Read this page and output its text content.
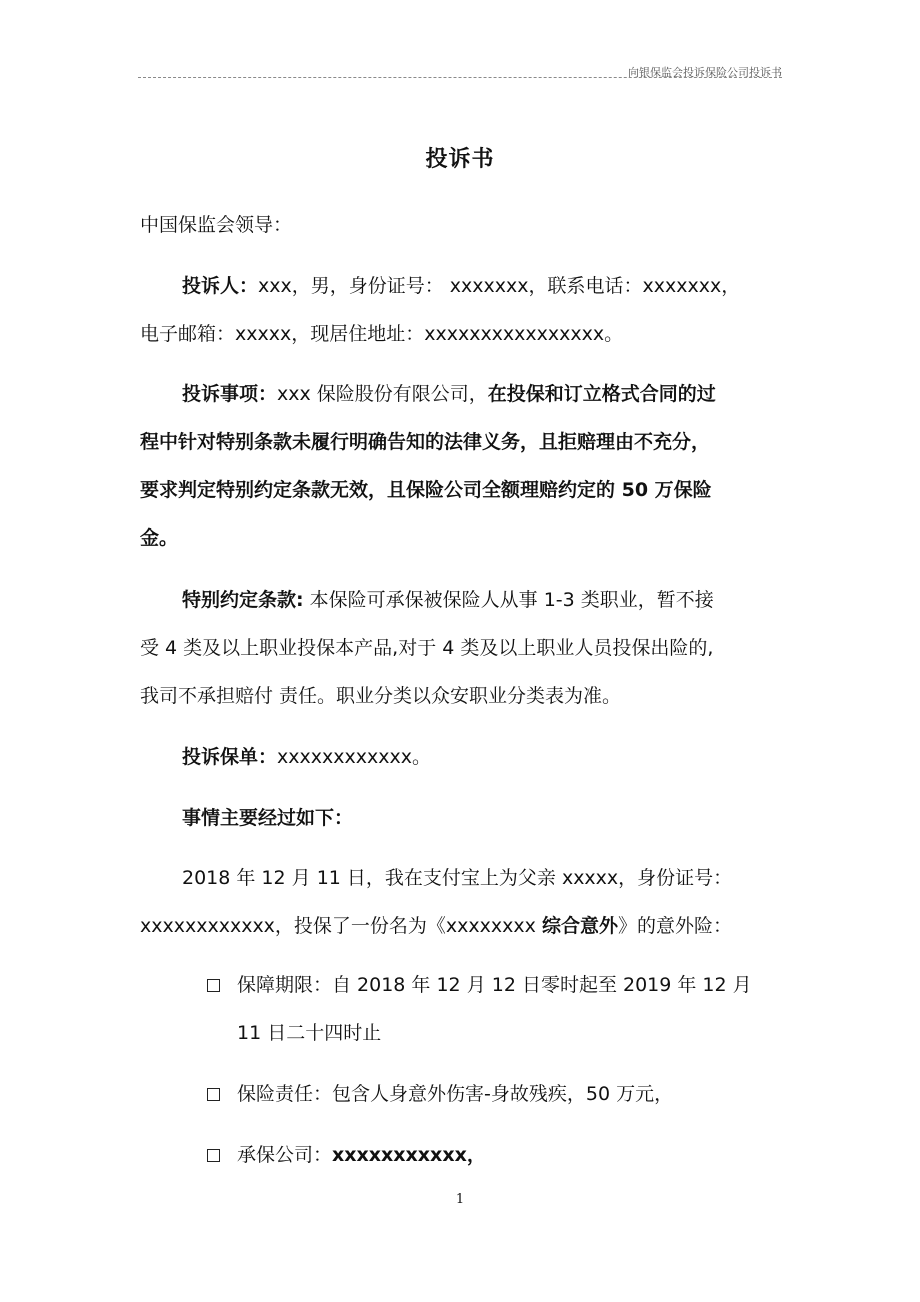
向银保监会投诉保险公司投诉书
投诉书
中国保监会领导：
投诉人：xxx，男，身份证号： xxxxxxx，联系电话：xxxxxxx，
电子邮箱：xxxxx，现居住地址：xxxxxxxxxxxxxxxx。
投诉事项：xxx 保险股份有限公司，在投保和订立格式合同的过
程中针对特别条款未履行明确告知的法律义务，且拒赔理由不充分，
要求判定特别约定条款无效，且保险公司全额理赔约定的 50 万保险
金。
特别约定条款: 本保险可承保被保险人从事 1-3 类职业，暂不接
受 4 类及以上职业投保本产品,对于 4 类及以上职业人员投保出险的,
我司不承担赔付 责任。职业分类以众安职业分类表为准。
投诉保单：xxxxxxxxxxxx。
事情主要经过如下：
2018 年 12 月 11 日，我在支付宝上为父亲 xxxxx，身份证号：
xxxxxxxxxxxx，投保了一份名为《xxxxxxxx 综合意外》的意外险：
保障期限：自 2018 年 12 月 12 日零时起至 2019 年 12 月
11 日二十四时止
保险责任：包含人身意外伤害-身故残疾，50 万元，
承保公司：xxxxxxxxxxx，
1
